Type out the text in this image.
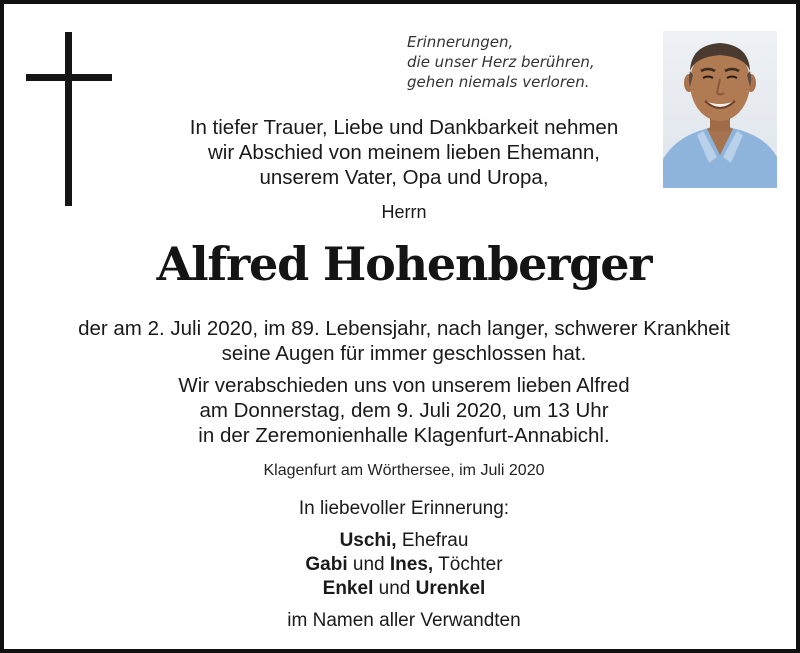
Erinnerungen,
die unser Herz berühren,
gehen niemals verloren.
In tiefer Trauer, Liebe und Dankbarkeit nehmen
wir Abschied von meinem lieben Ehemann,
unserem Vater, Opa und Uropa,
Herrn
Alfred Hohenberger
der am 2. Juli 2020, im 89. Lebensjahr, nach langer, schwerer Krankheit
seine Augen für immer geschlossen hat.
Wir verabschieden uns von unserem lieben Alfred
am Donnerstag, dem 9. Juli 2020, um 13 Uhr
in der Zeremonienhalle Klagenfurt-Annabichl.
Klagenfurt am Wörthersee, im Juli 2020
In liebevoller Erinnerung:
Uschi, Ehefrau
Gabi und Ines, Töchter
Enkel und Urenkel
im Namen aller Verwandten
